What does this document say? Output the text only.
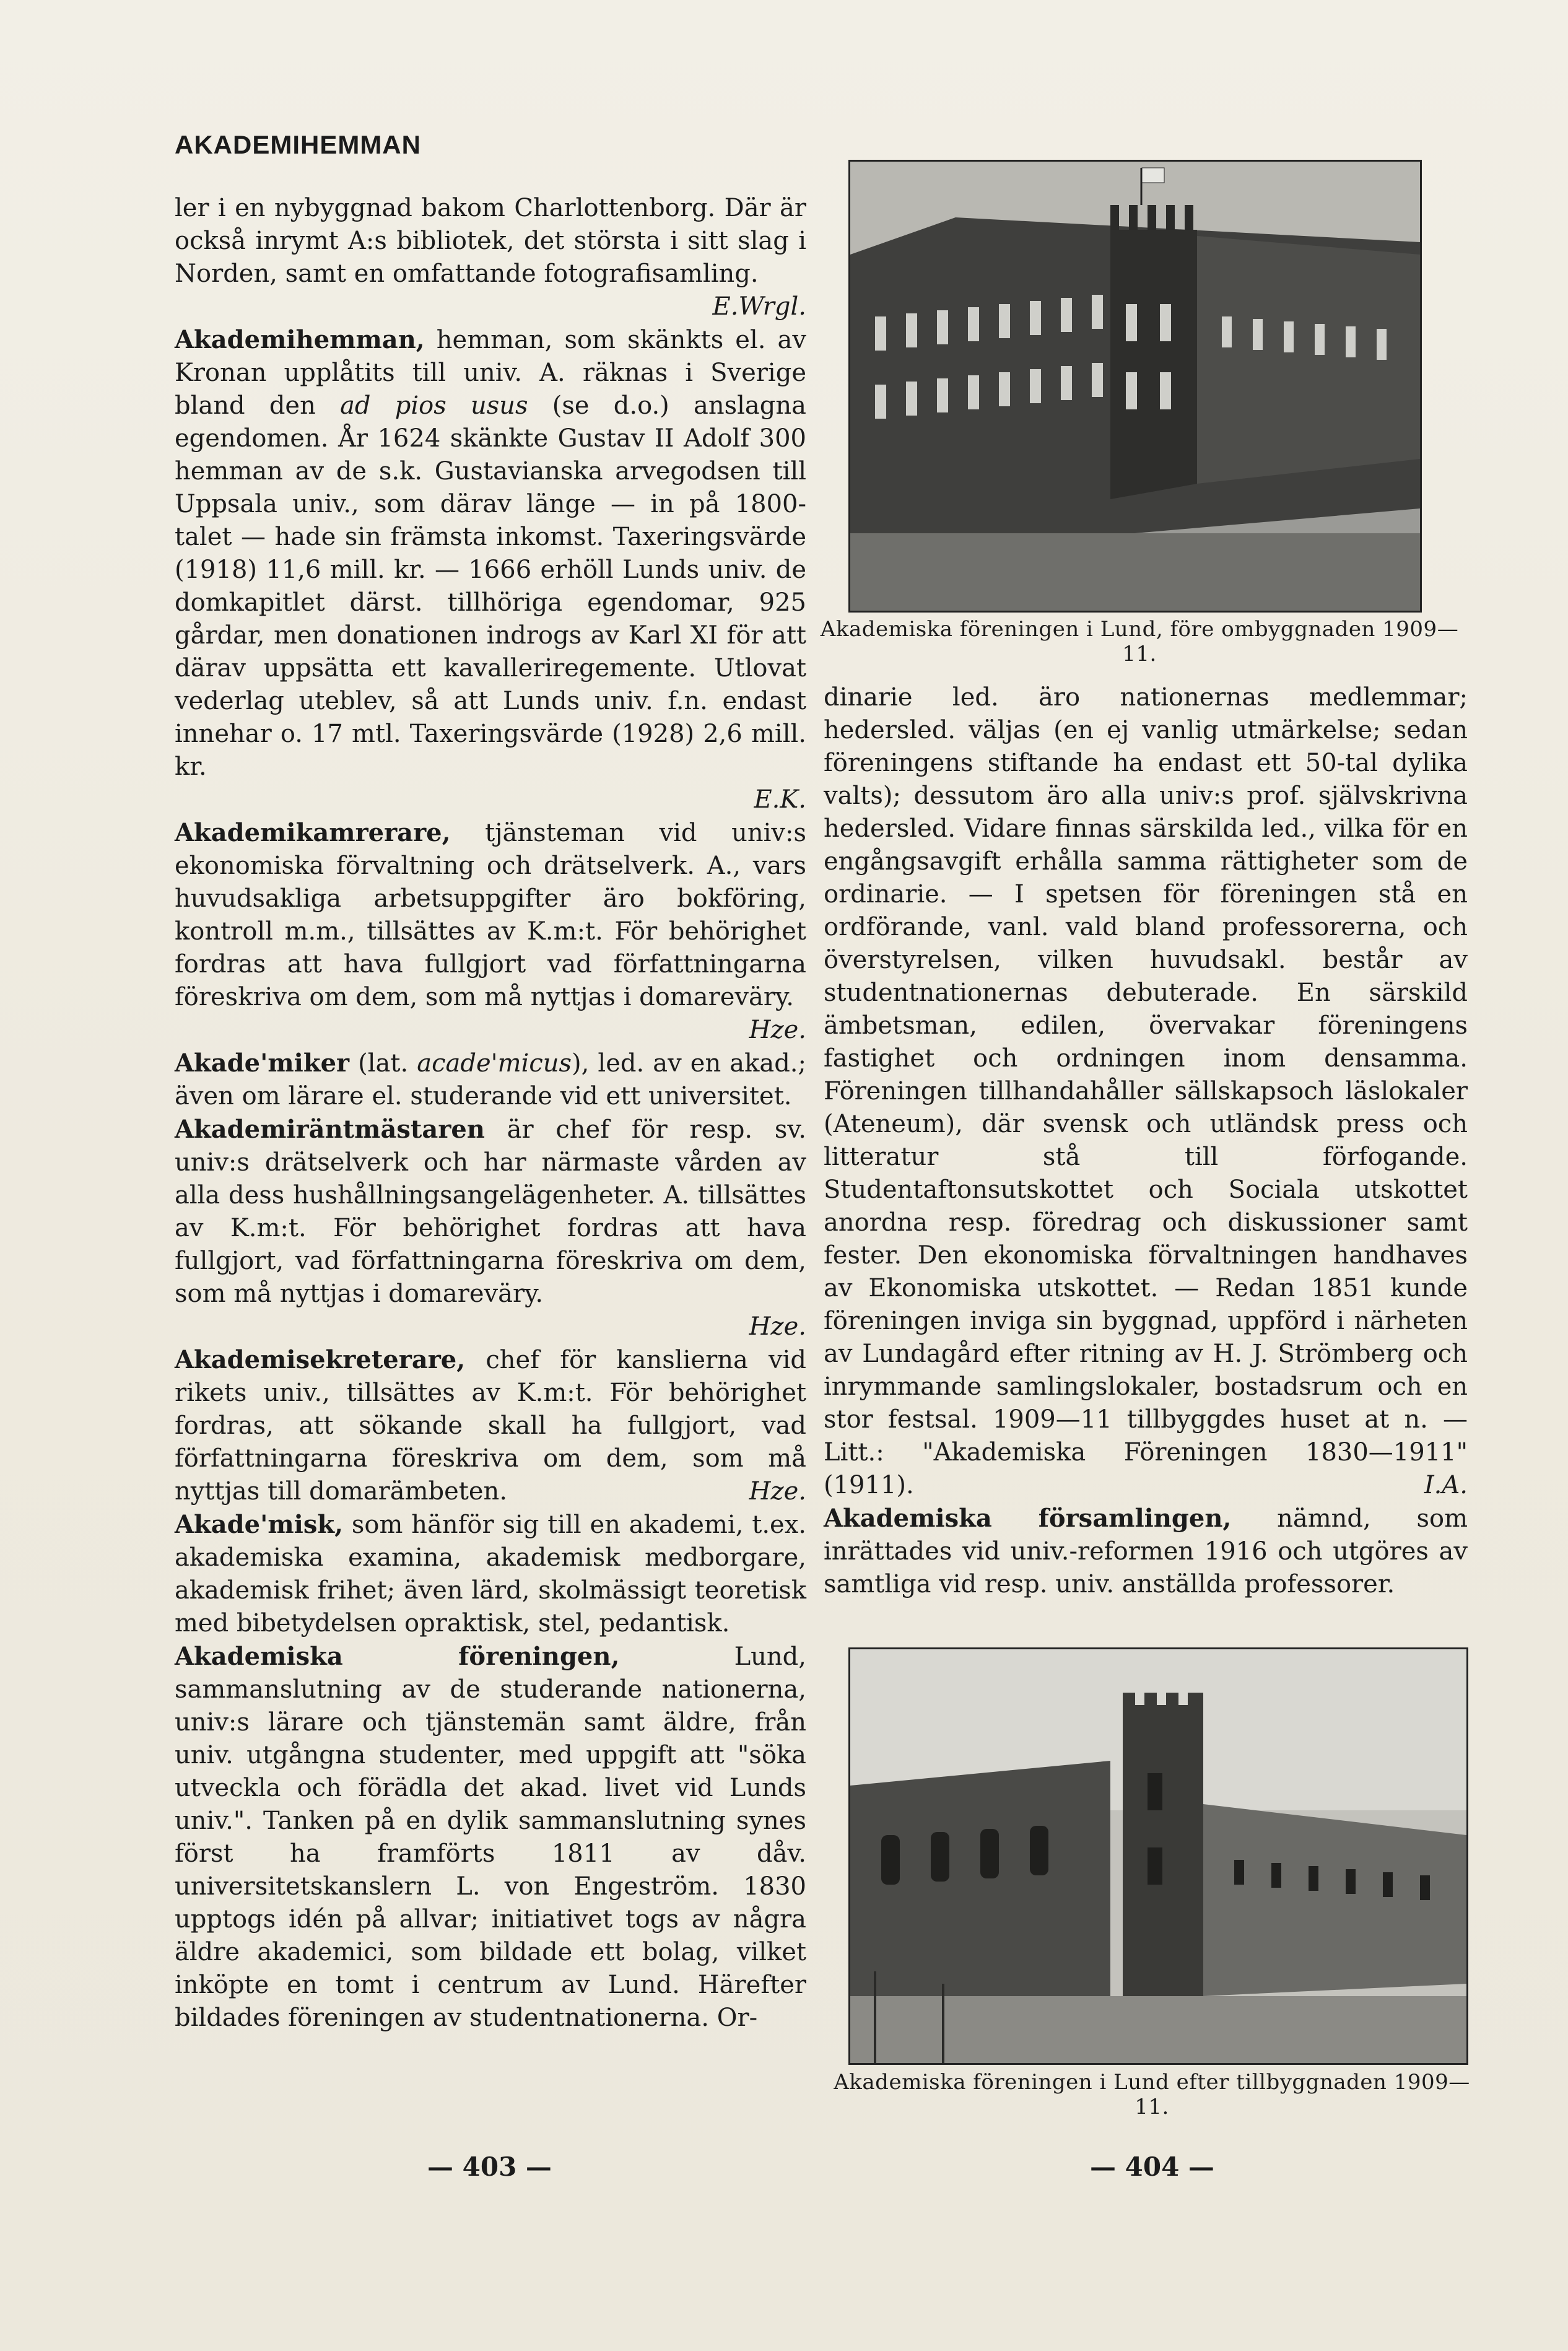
AKADEMIHEMMAN

ler i en nybyggnad bakom Charlottenborg. Där är också inrymt A:s bibliotek, det största i sitt slag i Norden, samt en omfattande fotografisamling.
E.Wrgl.

Akademihemman, hemman, som skänkts el. av Kronan upplåtits till univ. A. räknas i Sverige bland den ad pios usus (se d.o.) anslagna egendomen. År 1624 skänkte Gustav II Adolf 300 hemman av de s.k. Gustavianska arvegodsen till Uppsala univ., som därav länge — in på 1800-talet — hade sin främsta inkomst. Taxeringsvärde (1918) 11,6 mill. kr. — 1666 erhöll Lunds univ. de domkapitlet därst. tillhöriga egendomar, 925 gårdar, men donationen indrogs av Karl XI för att därav uppsätta ett kavalleriregemente. Utlovat vederlag uteblev, så att Lunds univ. f.n. endast innehar o. 17 mtl. Taxeringsvärde (1928) 2,6 mill. kr.
E.K.

Akademikamrerare, tjänsteman vid univ:s ekonomiska förvaltning och drätselverk. A., vars huvudsakliga arbetsuppgifter äro bokföring, kontroll m.m., tillsättes av K.m:t. För behörighet fordras att hava fullgjort vad författningarna föreskriva om dem, som må nyttjas i domareväry.
Hze.

Akade'miker (lat. acade'micus), led. av en akad.; även om lärare el. studerande vid ett universitet.

Akademiräntmästaren är chef för resp. sv. univ:s drätselverk och har närmaste vården av alla dess hushållningsangelägenheter. A. tillsättes av K.m:t. För behörighet fordras att hava fullgjort, vad författningarna föreskriva om dem, som må nyttjas i domareväry.
Hze.

Akademisekreterare, chef för kanslierna vid rikets univ., tillsättes av K.m:t. För behörighet fordras, att sökande skall ha fullgjort, vad författningarna föreskriva om dem, som må nyttjas till domarämbeten.	Hze.

Akade'misk, som hänför sig till en akademi, t.ex. akademiska examina, akademisk medborgare, akademisk frihet; även lärd, skolmässigt teoretisk med bibetydelsen opraktisk, stel, pedantisk.

Akademiska föreningen, Lund, sammanslutning av de studerande nationerna, univ:s lärare och tjänstemän samt äldre, från univ. utgångna studenter, med uppgift att "söka utveckla och förädla det akad. livet vid Lunds univ.". Tanken på en dylik sammanslutning synes först ha framförts 1811 av dåv. universitetskanslern L. von Engeström. 1830 upptogs idén på allvar; initiativet togs av några äldre akademici, som bildade ett bolag, vilket inköpte en tomt i centrum av Lund. Härefter bildades föreningen av studentnationerna. Or-

Akademiska föreningen i Lund, före ombyggnaden 1909—11.

dinarie led. äro nationernas medlemmar; hedersled. väljas (en ej vanlig utmärkelse; sedan föreningens stiftande ha endast ett 50-tal dylika valts); dessutom äro alla univ:s prof. självskrivna hedersled. Vidare finnas särskilda led., vilka för en engångsavgift erhålla samma rättigheter som de ordinarie. — I spetsen för föreningen stå en ordförande, vanl. vald bland professorerna, och överstyrelsen, vilken huvudsakl. består av studentnationernas debuterade. En särskild ämbetsman, edilen, övervakar föreningens fastighet och ordningen inom densamma. Föreningen tillhandahåller sällskapsoch läslokaler (Ateneum), där svensk och utländsk press och litteratur stå till förfogande. Studentaftonsutskottet och Sociala utskottet anordna resp. föredrag och diskussioner samt fester. Den ekonomiska förvaltningen handhaves av Ekonomiska utskottet. — Redan 1851 kunde föreningen inviga sin byggnad, uppförd i närheten av Lundagård efter ritning av H. J. Strömberg och inrymmande samlingslokaler, bostadsrum och en stor festsal. 1909—11 tillbyggdes huset at n. — Litt.: "Akademiska Föreningen 1830—1911" (1911).	I.A.

Akademiska församlingen, nämnd, som inrättades vid univ.-reformen 1916 och utgöres av samtliga vid resp. univ. anställda professorer.

Akademiska föreningen i Lund efter tillbyggnaden 1909—11.
— 403 —	— 404 —
